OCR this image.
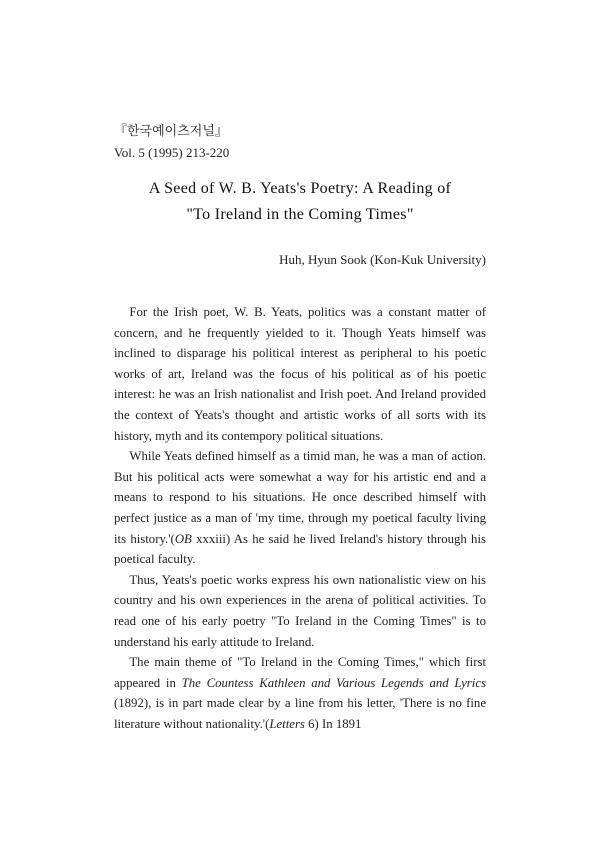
『한국예이츠저널』
Vol. 5 (1995) 213-220
A Seed of W. B. Yeats's Poetry: A Reading of
"To Ireland in the Coming Times"
Huh, Hyun Sook (Kon-Kuk University)

For the Irish poet, W. B. Yeats, politics was a constant matter of concern, and he frequently yielded to it. Though Yeats himself was inclined to disparage his political interest as peripheral to his poetic works of art, Ireland was the focus of his political as of his poetic interest: he was an Irish nationalist and Irish poet. And Ireland provided the context of Yeats's thought and artistic works of all sorts with its history, myth and its contempory political situations.

While Yeats defined himself as a timid man, he was a man of action. But his political acts were somewhat a way for his artistic end and a means to respond to his situations. He once described himself with perfect justice as a man of 'my time, through my poetical faculty living its history.'(OB xxxiii) As he said he lived Ireland's history through his poetical faculty.

Thus, Yeats's poetic works express his own nationalistic view on his country and his own experiences in the arena of political activities. To read one of his early poetry "To Ireland in the Coming Times" is to understand his early attitude to Ireland.

The main theme of "To Ireland in the Coming Times," which first appeared in The Countess Kathleen and Various Legends and Lyrics (1892), is in part made clear by a line from his letter, 'There is no fine literature without nationality.'(Letters 6) In 1891
